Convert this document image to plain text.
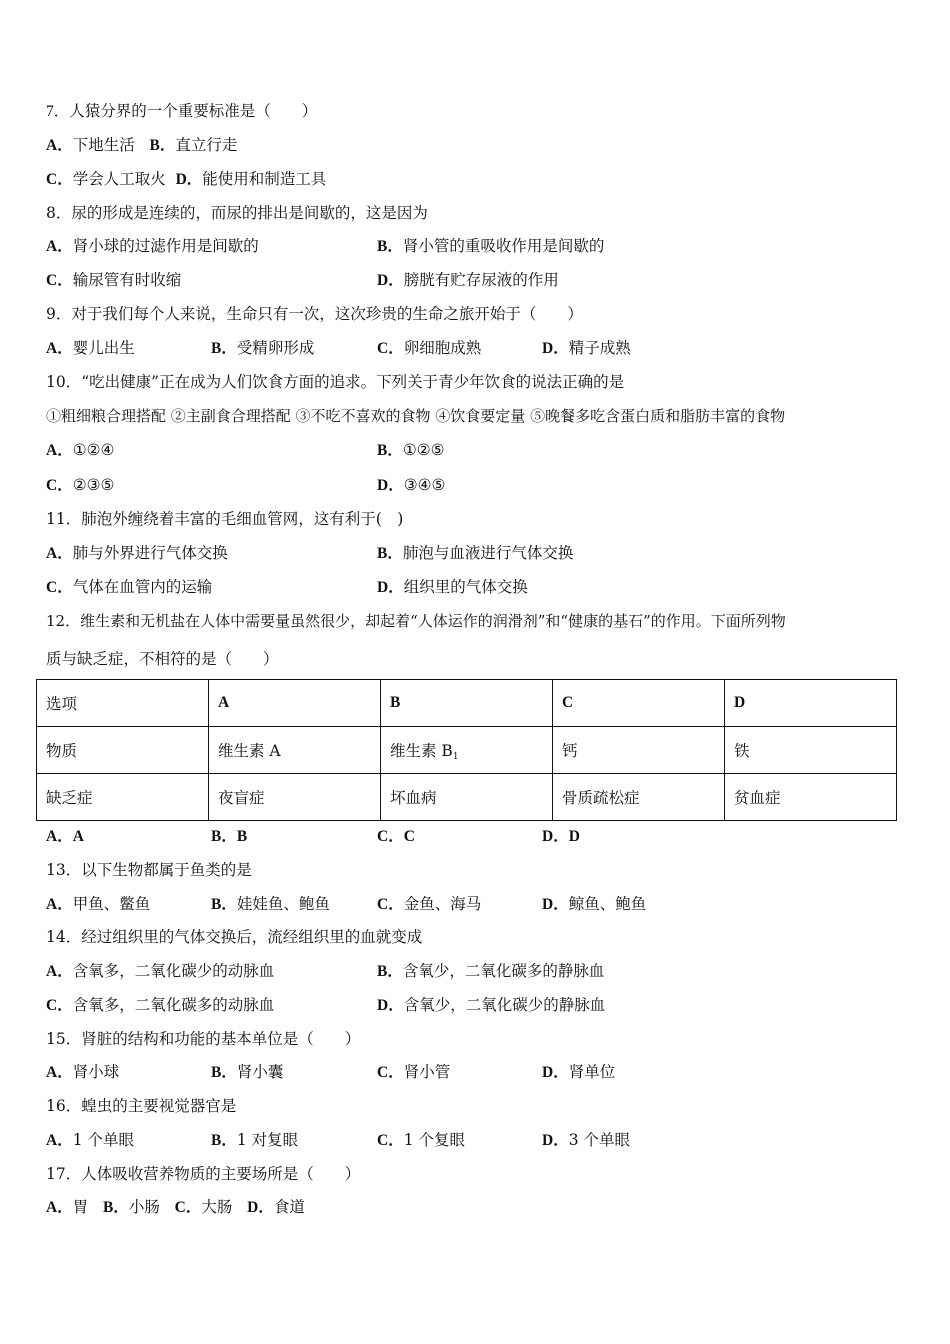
7．人猿分界的一个重要标准是（　　）
A．下地生活 B．直立行走
C．学会人工取火 D．能使用和制造工具
8．尿的形成是连续的，而尿的排出是间歇的，这是因为
A．肾小球的过滤作用是间歇的	B．肾小管的重吸收作用是间歇的
C．输尿管有时收缩	D．膀胱有贮存尿液的作用
9．对于我们每个人来说，生命只有一次，这次珍贵的生命之旅开始于（　　）
A．婴儿出生	B．受精卵形成	C．卵细胞成熟	D．精子成熟
10．“吃出健康”正在成为人们饮食方面的追求。下列关于青少年饮食的说法正确的是
①粗细粮合理搭配 ②主副食合理搭配 ③不吃不喜欢的食物 ④饮食要定量 ⑤晚餐多吃含蛋白质和脂肪丰富的食物
A．①②④	B．①②⑤
C．②③⑤	D．③④⑤
11．肺泡外缠绕着丰富的毛细血管网，这有利于(　)
A．肺与外界进行气体交换	B．肺泡与血液进行气体交换
C．气体在血管内的运输	D．组织里的气体交换
12．维生素和无机盐在人体中需要量虽然很少，却起着“人体运作的润滑剂”和“健康的基石”的作用。下面所列物
质与缺乏症，不相符的是（　　）
选项	A	B	C	D
物质	维生素 A	维生素 $B_1$	钙	铁
缺乏症	夜盲症	坏血病	骨质疏松症	贫血症
A．A	B．B	C．C	D．D
13．以下生物都属于鱼类的是
A．甲鱼、鳖鱼	B．娃娃鱼、鲍鱼	C．金鱼、海马	D．鲸鱼、鲍鱼
14．经过组织里的气体交换后，流经组织里的血就变成
A．含氧多，二氧化碳少的动脉血	B．含氧少，二氧化碳多的静脉血
C．含氧多，二氧化碳多的动脉血	D．含氧少，二氧化碳少的静脉血
15．肾脏的结构和功能的基本单位是（　　）
A．肾小球	B．肾小囊	C．肾小管	D．肾单位
16．蝗虫的主要视觉器官是
A．1 个单眼	B．1 对复眼	C．1 个复眼	D．3 个单眼
17．人体吸收营养物质的主要场所是（　　）
A．胃 B．小肠 C．大肠 D．食道
